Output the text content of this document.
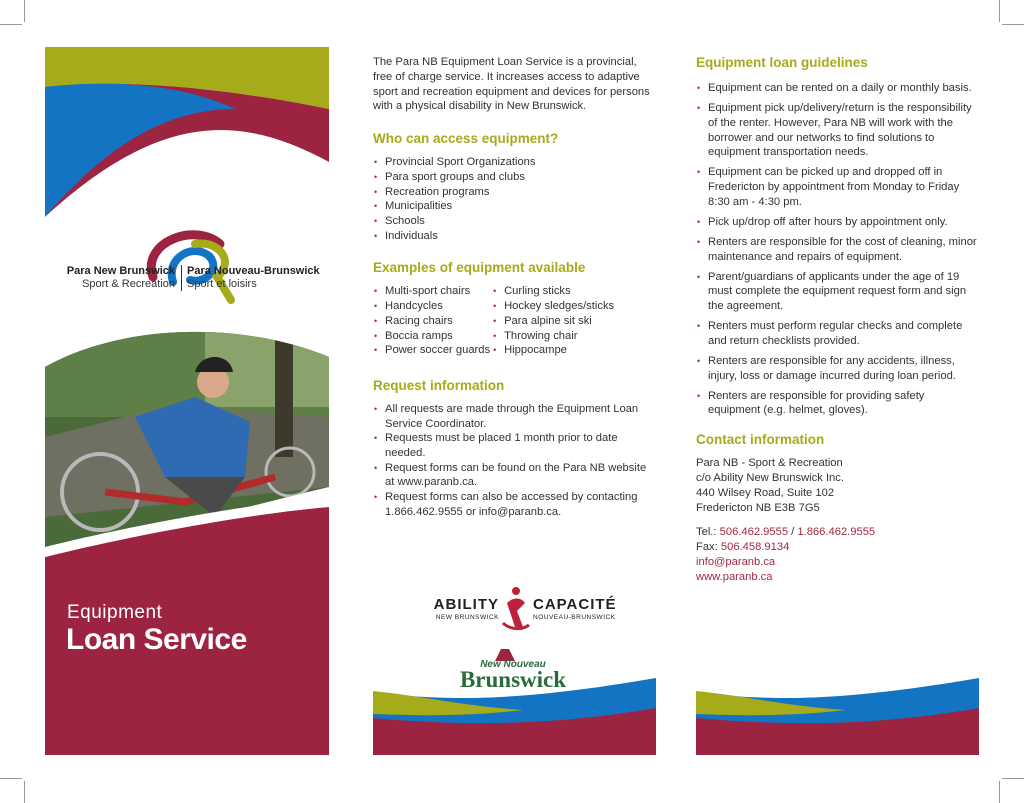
Para New Brunswick
Sport & Recreation
Para Nouveau-Brunswick
Sport et loisirs
Equipment
Loan Service

The Para NB Equipment Loan Service is a provincial, free of charge service. It increases access to adaptive sport and recreation equipment and devices for persons with a physical disability in New Brunswick.

Who can access equipment?
• Provincial Sport Organizations
• Para sport groups and clubs
• Recreation programs
• Municipalities
• Schools
• Individuals
Examples of equipment available
• Multi-sport chairs
• Handcycles
• Racing chairs
• Boccia ramps
• Power soccer guards
• Curling sticks
• Hockey sledges/sticks
• Para alpine sit ski
• Throwing chair
• Hippocampe
Request information
• All requests are made through the Equipment Loan Service Coordinator.
• Requests must be placed 1 month prior to date needed.
• Request forms can be found on the Para NB website at www.paranb.ca.
• Request forms can also be accessed by contacting 1.866.462.9555 or info@paranb.ca.
ABILITY
NEW BRUNSWICK
CAPACITÉ
NOUVEAU-BRUNSWICK
New Nouveau
Brunswick
Equipment loan guidelines
• Equipment can be rented on a daily or monthly basis.
• Equipment pick up/delivery/return is the responsibility of the renter. However, Para NB will work with the borrower and our networks to find solutions to equipment transportation needs.
• Equipment can be picked up and dropped off in Fredericton by appointment from Monday to Friday 8:30 am - 4:30 pm.
• Pick up/drop off after hours by appointment only.
• Renters are responsible for the cost of cleaning, minor maintenance and repairs of equipment.
• Parent/guardians of applicants under the age of 19 must complete the equipment request form and sign the agreement.
• Renters must perform regular checks and complete and return checklists provided.
• Renters are responsible for any accidents, illness, injury, loss or damage incurred during loan period.
• Renters are responsible for providing safety equipment (e.g. helmet, gloves).
Contact information
Para NB - Sport & Recreation
c/o Ability New Brunswick Inc.
440 Wilsey Road, Suite 102
Fredericton NB E3B 7G5
Tel.: 506.462.9555 / 1.866.462.9555
Fax: 506.458.9134
info@paranb.ca
www.paranb.ca
